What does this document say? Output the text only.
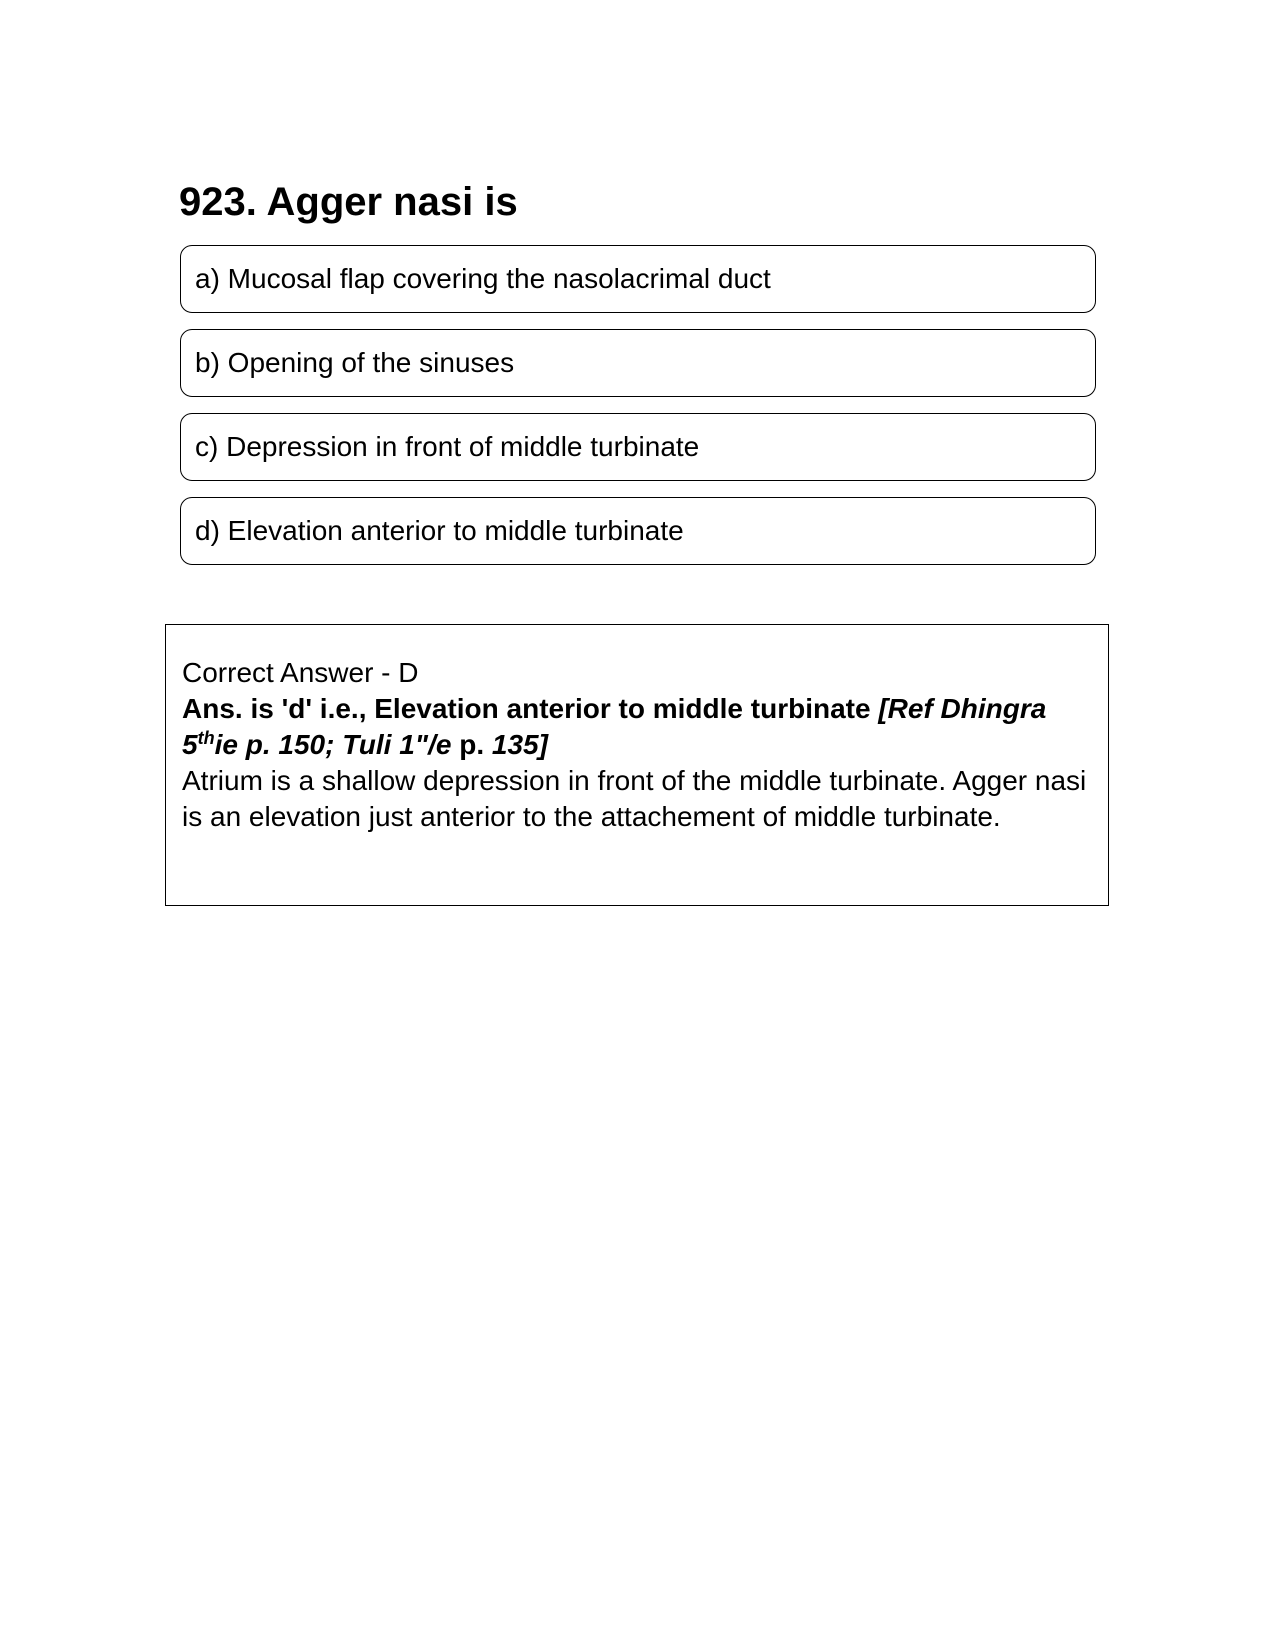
923. Agger nasi is
a) Mucosal flap covering the nasolacrimal duct
b) Opening of the sinuses
c) Depression in front of middle turbinate
d) Elevation anterior to middle turbinate

Correct Answer - D

Ans. is 'd' i.e., Elevation anterior to middle turbinate [Ref Dhingra 5thie p. 150; Tuli 1"/e p. 135]

Atrium is a shallow depression in front of the middle turbinate. Agger nasi is an elevation just anterior to the attachement of middle turbinate.
